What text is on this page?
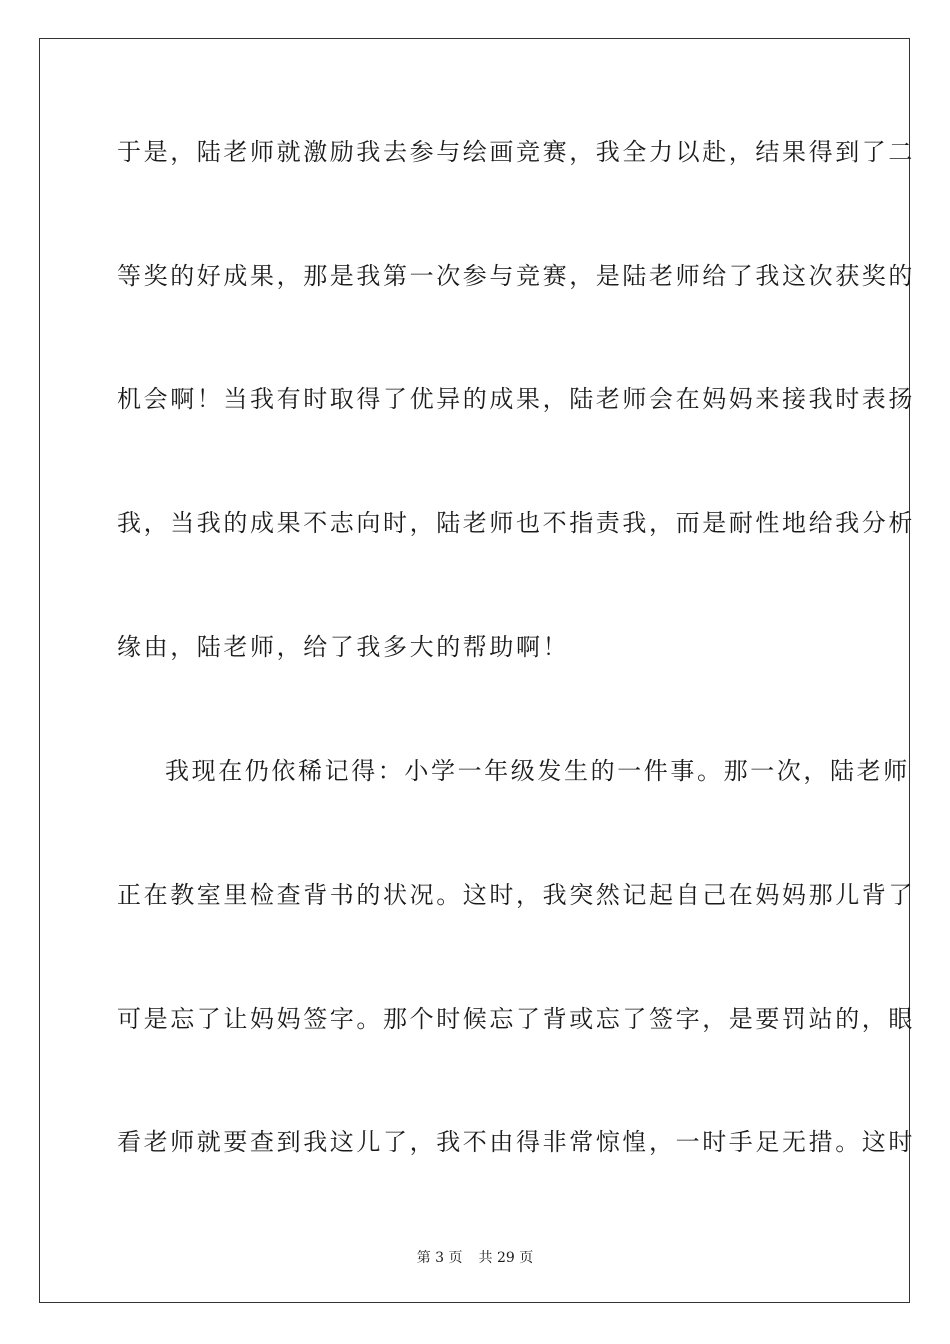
于是，陆老师就激励我去参与绘画竞赛，我全力以赴，结果得到了二
等奖的好成果，那是我第一次参与竞赛，是陆老师给了我这次获奖的
机会啊！当我有时取得了优异的成果，陆老师会在妈妈来接我时表扬
我，当我的成果不志向时，陆老师也不指责我，而是耐性地给我分析
缘由，陆老师，给了我多大的帮助啊！
我现在仍依稀记得：小学一年级发生的一件事。那一次，陆老师
正在教室里检查背书的状况。这时，我突然记起自己在妈妈那儿背了
可是忘了让妈妈签字。那个时候忘了背或忘了签字，是要罚站的，眼
看老师就要查到我这儿了，我不由得非常惊惶，一时手足无措。这时
第 3 页 共 29 页
